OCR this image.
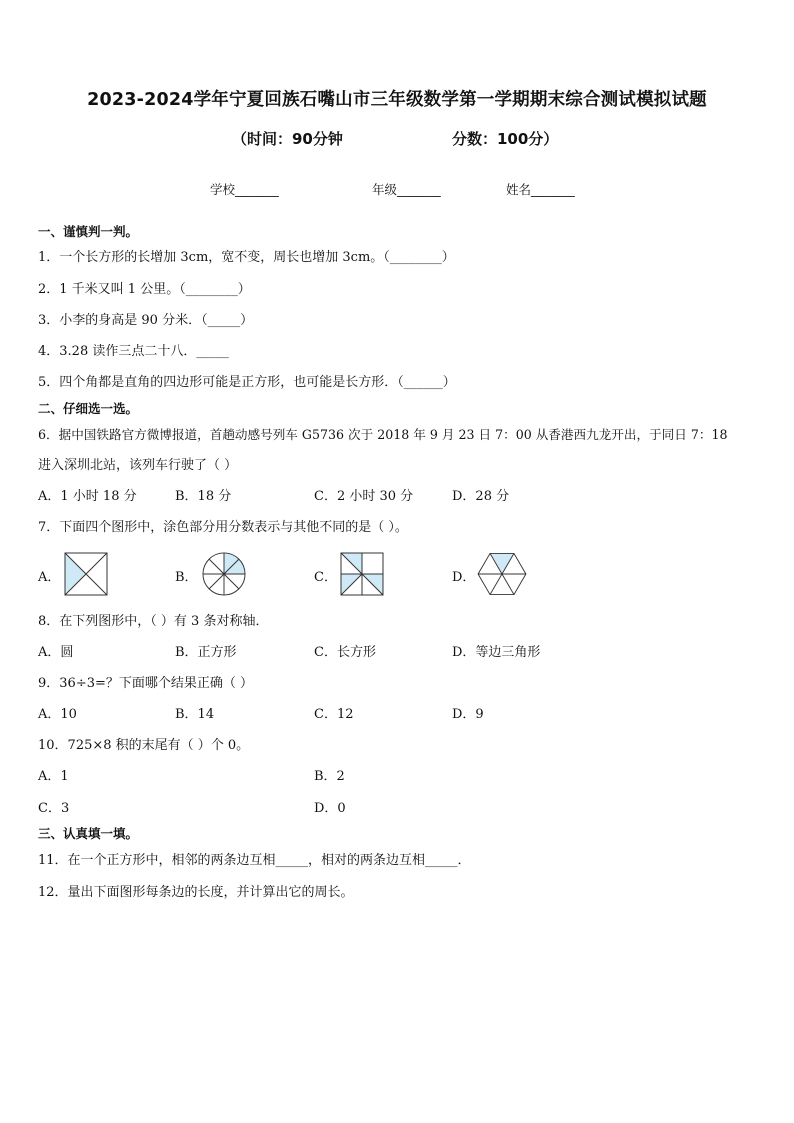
2023-2024学年宁夏回族石嘴山市三年级数学第一学期期末综合测试模拟试题
（时间：90分钟	分数：100分）
学校_______	年级_______	姓名_______
一、谨慎判一判。
1．一个长方形的长增加 3cm，宽不变，周长也增加 3cm。（________）
2．1 千米又叫 1 公里。（________）
3．小李的身高是 90 分米．（_____）
4．3.28 读作三点二十八．_____
5．四个角都是直角的四边形可能是正方形，也可能是长方形．（______）
二、仔细选一选。
6．据中国铁路官方微博报道，首趟动感号列车 G5736 次于 2018 年 9 月 23 日 7：00 从香港西九龙开出，于同日 7：18
进入深圳北站，该列车行驶了（ ）
A．1 小时 18 分	B．18 分	C．2 小时 30 分	D．28 分
7．下面四个图形中，涂色部分用分数表示与其他不同的是（ ）。
A．	B．	C．	D．
8．在下列图形中，（ ）有 3 条对称轴．
A．圆	B．正方形	C．长方形	D．等边三角形
9．36÷3=？下面哪个结果正确（ ）
A．10	B．14	C．12	D．9
10．725×8 积的末尾有（ ）个 0。
A．1	B．2
C．3	D．0
三、认真填一填。
11．在一个正方形中，相邻的两条边互相_____，相对的两条边互相_____．
12．量出下面图形每条边的长度，并计算出它的周长。
